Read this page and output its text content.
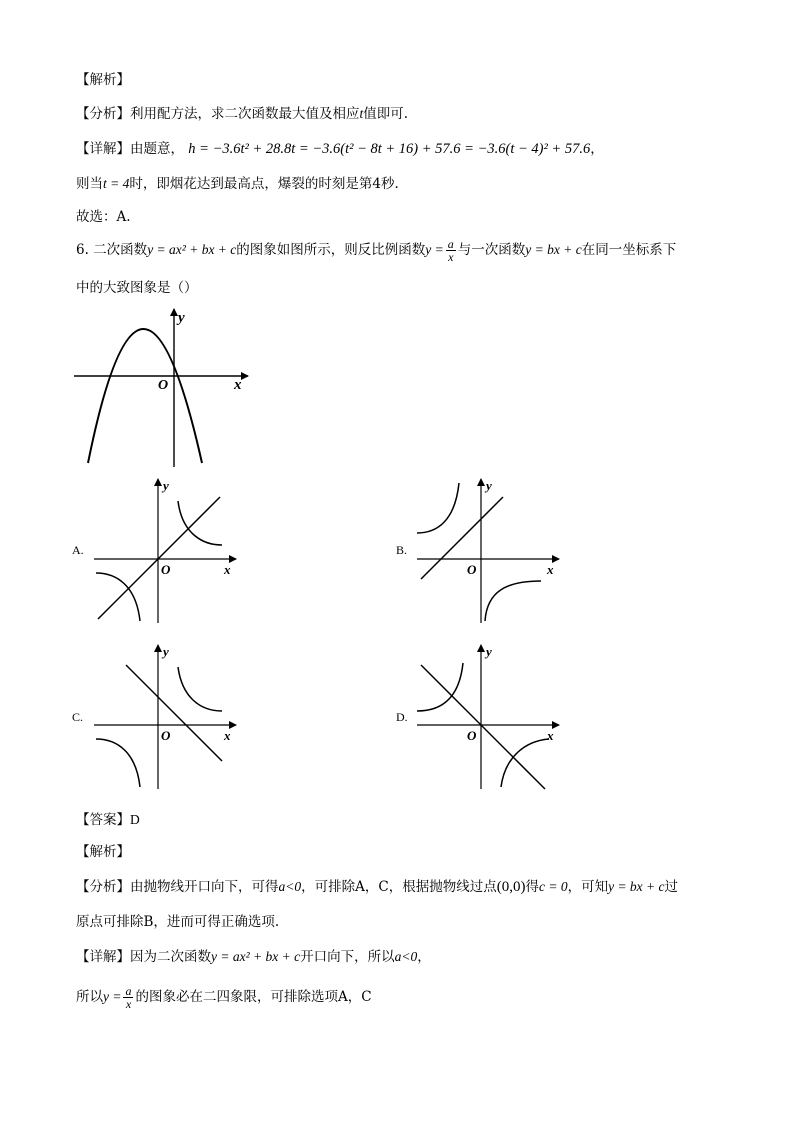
【解析】
【分析】利用配方法，求二次函数最大值及相应t值即可.
【详解】由题意， h = −3.6t² + 28.8t = −3.6(t² − 8t + 16) + 57.6 = −3.6(t − 4)² + 57.6，
则当t = 4时，即烟花达到最高点，爆裂的时刻是第4秒.
故选：A.
6. 二次函数y = ax² + bx + c的图象如图所示，则反比例函数$y = \frac{a}{x}$ 与一次函数y = bx + c在同一坐标系下
中的大致图象是（）
y
x
O
A.
y
x
O
B.
y
x
O
C.
y
x
O
D.
y
x
O
【答案】D
【解析】
【分析】由抛物线开口向下，可得a<0，可排除A，C，根据抛物线过点(0,0)得c = 0，可知y = bx + c过
原点可排除B，进而可得正确选项.
【详解】因为二次函数y = ax² + bx + c开口向下，所以a<0，
所以$y = \frac{a}{x}$ 的图象必在二四象限，可排除选项A，C
